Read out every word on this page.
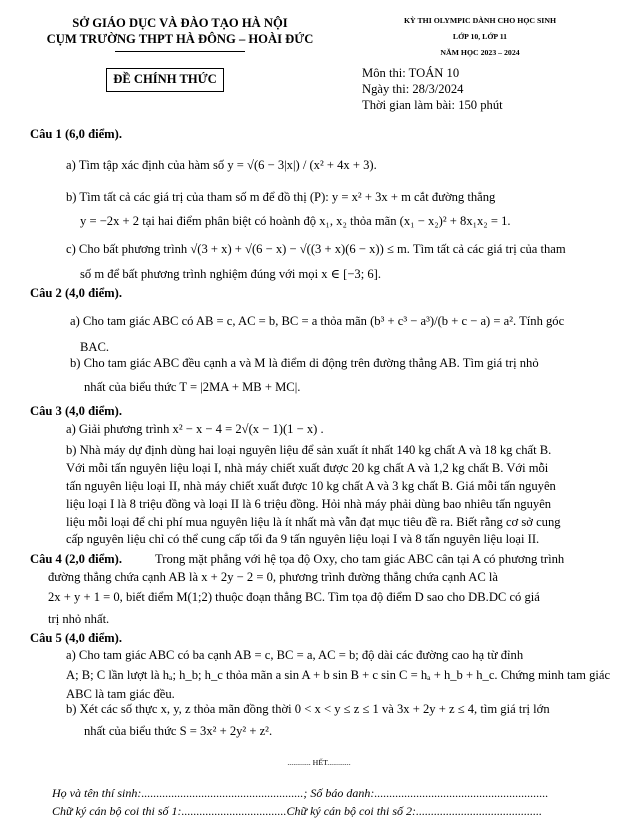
SỞ GIÁO DỤC VÀ ĐÀO TẠO HÀ NỘI
CỤM TRƯỜNG THPT HÀ ĐÔNG – HOÀI ĐỨC
ĐỀ CHÍNH THỨC
KỲ THI OLYMPIC DÀNH CHO HỌC SINH
LỚP 10, LỚP 11
NĂM HỌC 2023 – 2024
Môn thi: TOÁN 10
Ngày thi: 28/3/2024
Thời gian làm bài: 150 phút
Câu 1 (6,0 điểm).
a) Tìm tập xác định của hàm số y = √(6 − 3|x|) / (x² + 4x + 3).
b) Tìm tất cả các giá trị của tham số m để đồ thị (P): y = x² + 3x + m cắt đường thẳng
y = −2x + 2 tại hai điểm phân biệt có hoành độ x₁, x₂ thỏa mãn (x₁ − x₂)² + 8x₁x₂ = 1.
c) Cho bất phương trình √(3 + x) + √(6 − x) − √((3 + x)(6 − x)) ≤ m. Tìm tất cả các giá trị của tham
số m để bất phương trình nghiệm đúng với mọi x ∈ [−3; 6].
Câu 2 (4,0 điểm).
a) Cho tam giác ABC có AB = c, AC = b, BC = a thỏa mãn (b³ + c³ − a³)/(b + c − a) = a². Tính góc
BAC.
b) Cho tam giác ABC đều cạnh a và M là điểm di động trên đường thẳng AB. Tìm giá trị nhỏ
nhất của biểu thức T = |2MA + MB + MC|.
Câu 3 (4,0 điểm).
a) Giải phương trình x² − x − 4 = 2√(x − 1)(1 − x) .
b) Nhà máy dự định dùng hai loại nguyên liệu để sản xuất ít nhất 140 kg chất A và 18 kg chất B.
Với mỗi tấn nguyên liệu loại I, nhà máy chiết xuất được 20 kg chất A và 1,2 kg chất B. Với mỗi
tấn nguyên liệu loại II, nhà máy chiết xuất được 10 kg chất A và 3 kg chất B. Giá mỗi tấn nguyên
liệu loại I là 8 triệu đồng và loại II là 6 triệu đồng. Hỏi nhà máy phải dùng bao nhiêu tấn nguyên
liệu mỗi loại để chi phí mua nguyên liệu là ít nhất mà vẫn đạt mục tiêu đề ra. Biết rằng cơ sở cung
cấp nguyên liệu chỉ có thể cung cấp tối đa 9 tấn nguyên liệu loại I và 8 tấn nguyên liệu loại II.
Câu 4 (2,0 điểm).	Trong mặt phẳng với hệ tọa độ Oxy, cho tam giác ABC cân tại A có phương trình
đường thẳng chứa cạnh AB là x + 2y − 2 = 0, phương trình đường thẳng chứa cạnh AC là
2x + y + 1 = 0, biết điểm M(1;2) thuộc đoạn thẳng BC. Tìm tọa độ điểm D sao cho DB.DC có giá
trị nhỏ nhất.
Câu 5 (4,0 điểm).
a) Cho tam giác ABC có ba cạnh AB = c, BC = a, AC = b; độ dài các đường cao hạ từ đỉnh
A; B; C lần lượt là hₐ; h_b; h_c thỏa mãn a sin A + b sin B + c sin C = hₐ + h_b + h_c. Chứng minh tam giác
ABC là tam giác đều.
b) Xét các số thực x, y, z thỏa mãn đồng thời 0 < x < y ≤ z ≤ 1 và 3x + 2y + z ≤ 4, tìm giá trị lớn
nhất của biểu thức S = 3x² + 2y² + z².
............ HẾT............
Họ và tên thí sinh:......................................................; Số báo danh:..........................................................
Chữ ký cán bộ coi thi số 1:...................................Chữ ký cán bộ coi thi số 2:..........................................
